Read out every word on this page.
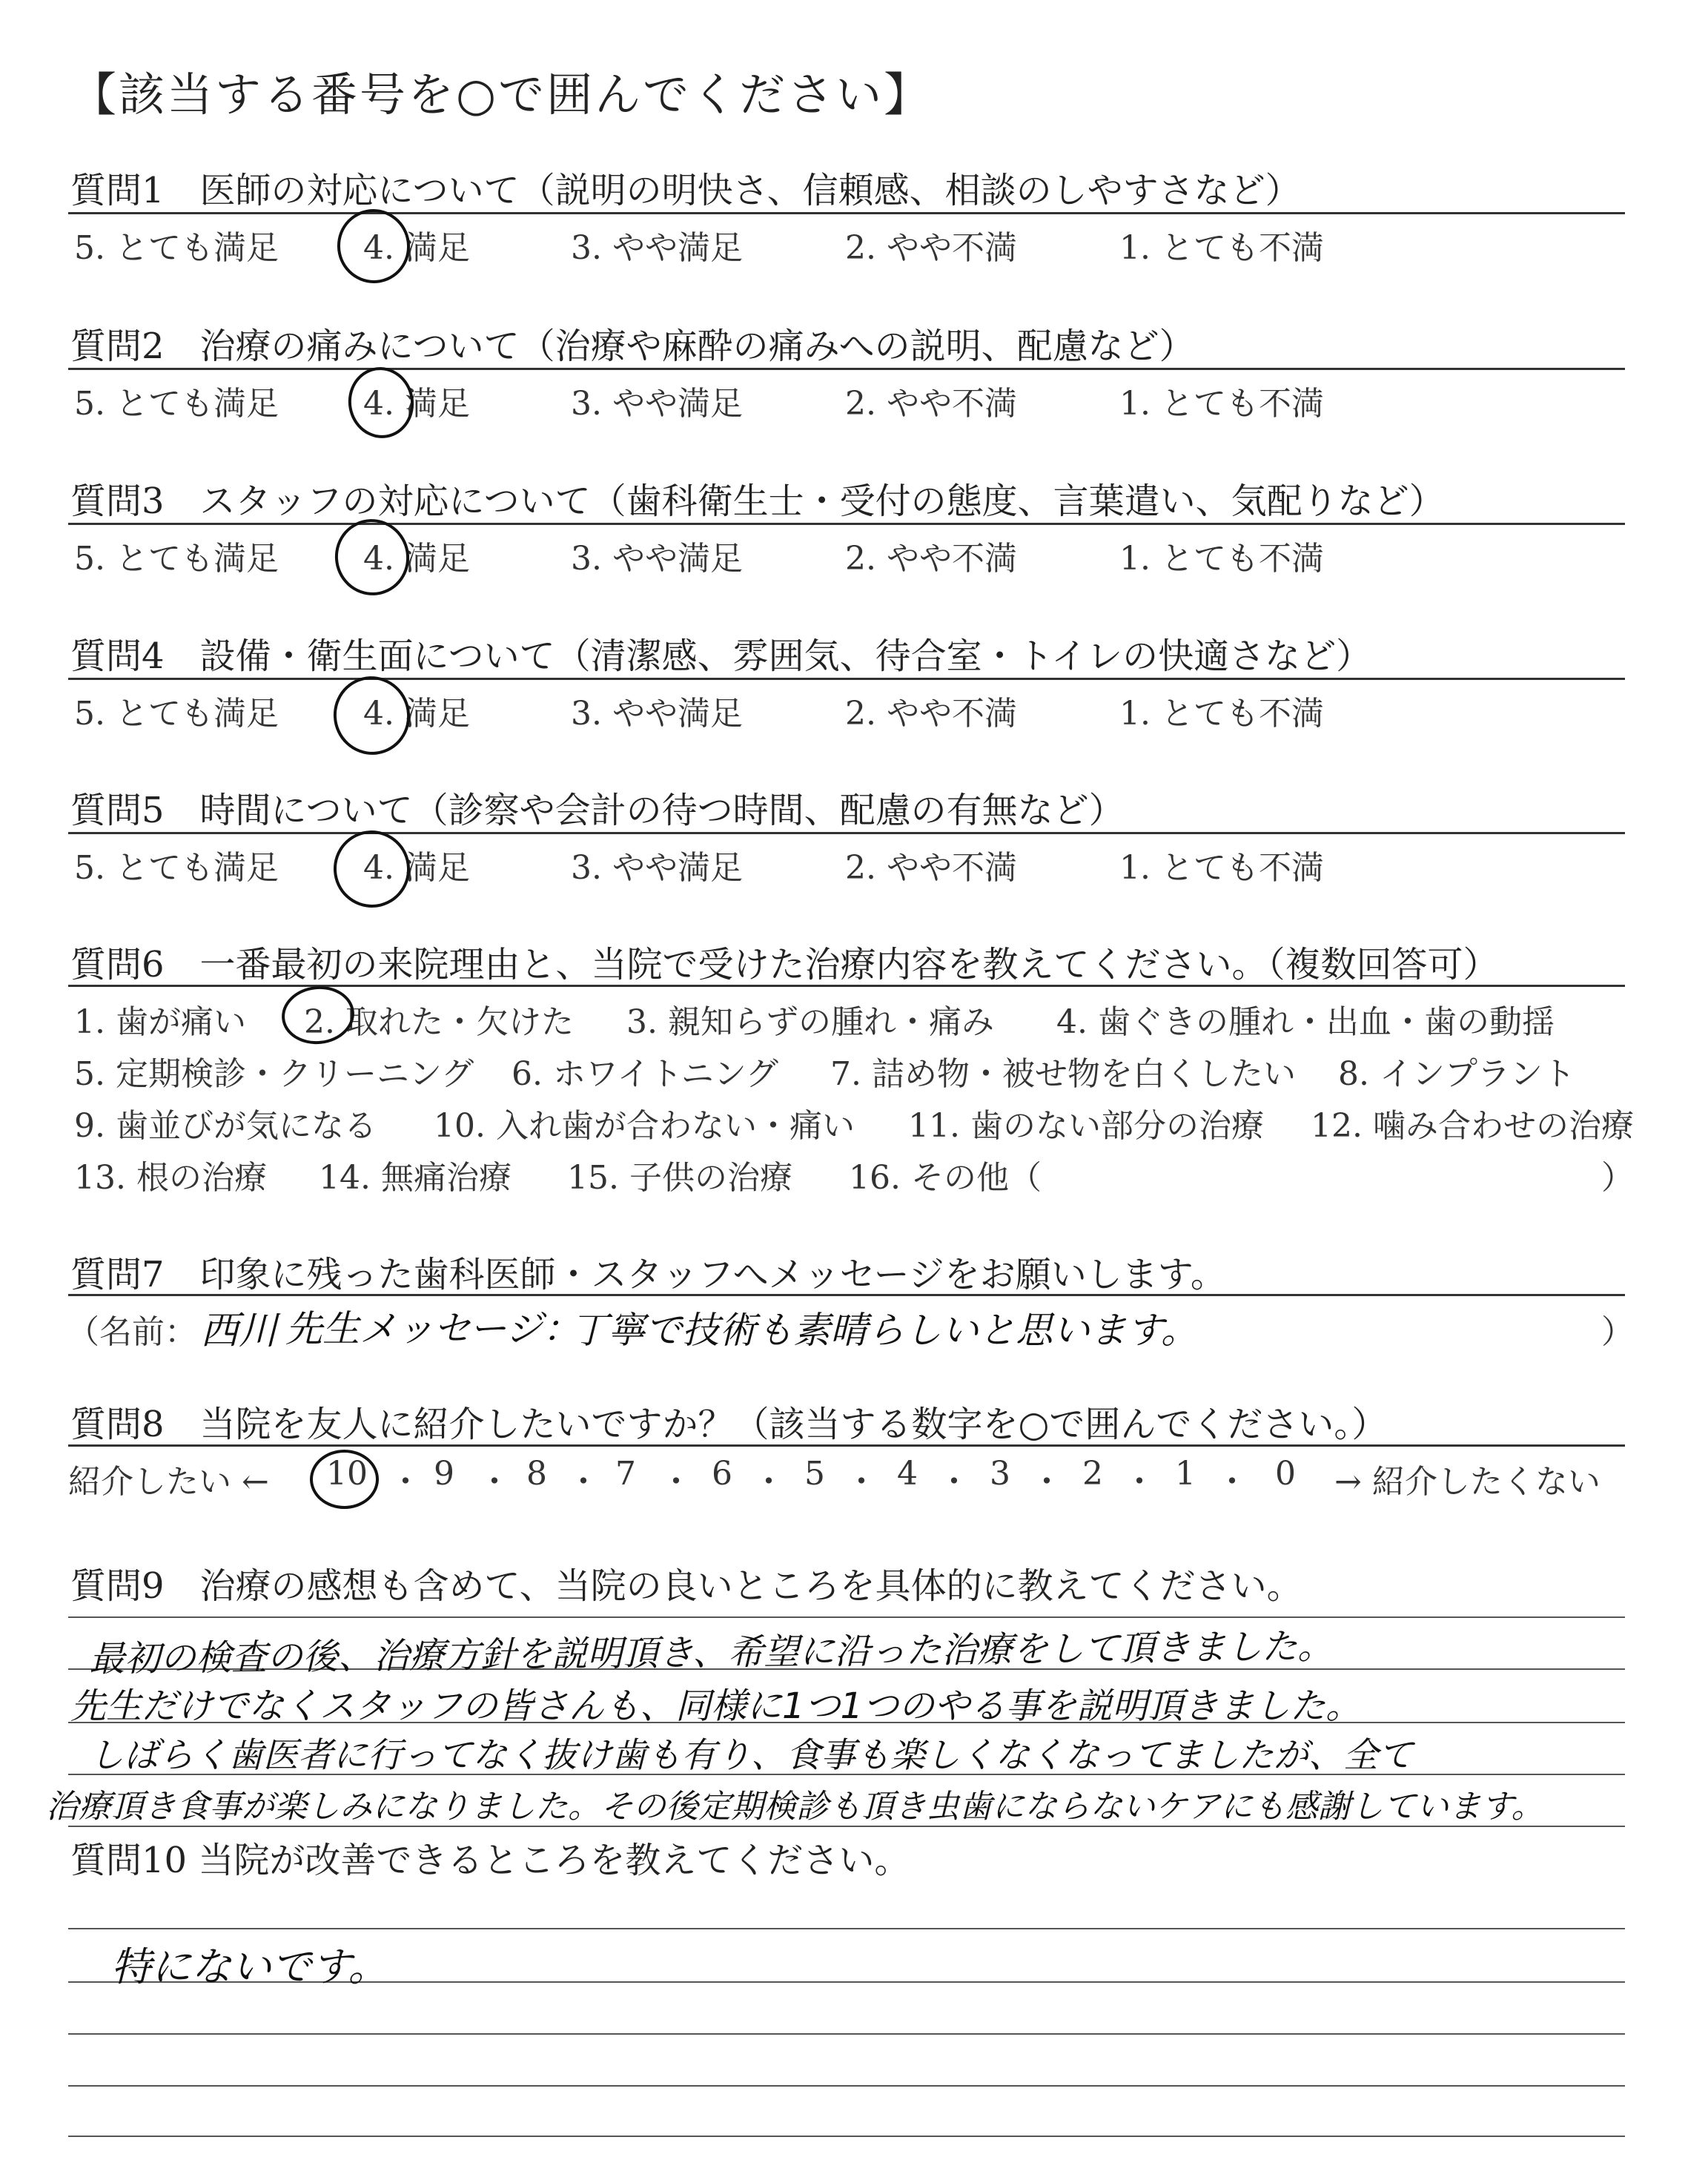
【該当する番号を○で囲んでください】
質問1　医師の対応について（説明の明快さ、信頼感、相談のしやすさなど）
5. とても満足	4. 満足	3. やや満足	2. やや不満	1. とても不満
質問2　治療の痛みについて（治療や麻酔の痛みへの説明、配慮など）
5. とても満足	4. 満足	3. やや満足	2. やや不満	1. とても不満
質問3　スタッフの対応について（歯科衛生士・受付の態度、言葉遣い、気配りなど）
5. とても満足	4. 満足	3. やや満足	2. やや不満	1. とても不満
質問4　設備・衛生面について（清潔感、雰囲気、待合室・トイレの快適さなど）
5. とても満足	4. 満足	3. やや満足	2. やや不満	1. とても不満
質問5　時間について（診察や会計の待つ時間、配慮の有無など）
5. とても満足	4. 満足	3. やや満足	2. やや不満	1. とても不満
質問6　一番最初の来院理由と、当院で受けた治療内容を教えてください。（複数回答可）
1. 歯が痛い 2. 取れた・欠けた 3. 親知らずの腫れ・痛み 4. 歯ぐきの腫れ・出血・歯の動揺
5. 定期検診・クリーニング 6. ホワイトニング 7. 詰め物・被せ物を白くしたい 8. インプラント
9. 歯並びが気になる 10. 入れ歯が合わない・痛い 11. 歯のない部分の治療 12. 噛み合わせの治療
13. 根の治療 14. 無痛治療 15. 子供の治療 16. その他（	）
質問7　印象に残った歯科医師・スタッフへメッセージをお願いします。
（名前： 西川 先生メッセージ：
丁寧で技術も素晴らしいと思います。	）
質問8　当院を友人に紹介したいですか？（該当する数字を○で囲んでください。）
紹介したい ← 10 ・ 9 ・ 8 ・ 7 ・ 6 ・ 5 ・ 4 ・ 3 ・ 2 ・ 1 ・ 0 → 紹介したくない
質問9　治療の感想も含めて、当院の良いところを具体的に教えてください。
最初の検査の後、治療方針を説明頂き、希望に沿った治療をして頂きました。
先生だけでなくスタッフの皆さんも、同様に1つ1つのやる事を説明頂きました。
しばらく歯医者に行ってなく抜け歯も有り、食事も楽しくなくなってましたが、全て
治療頂き食事が楽しみになりました。その後定期検診も頂き虫歯にならないケアにも感謝しています。
質問10 当院が改善できるところを教えてください。
特にないです。
